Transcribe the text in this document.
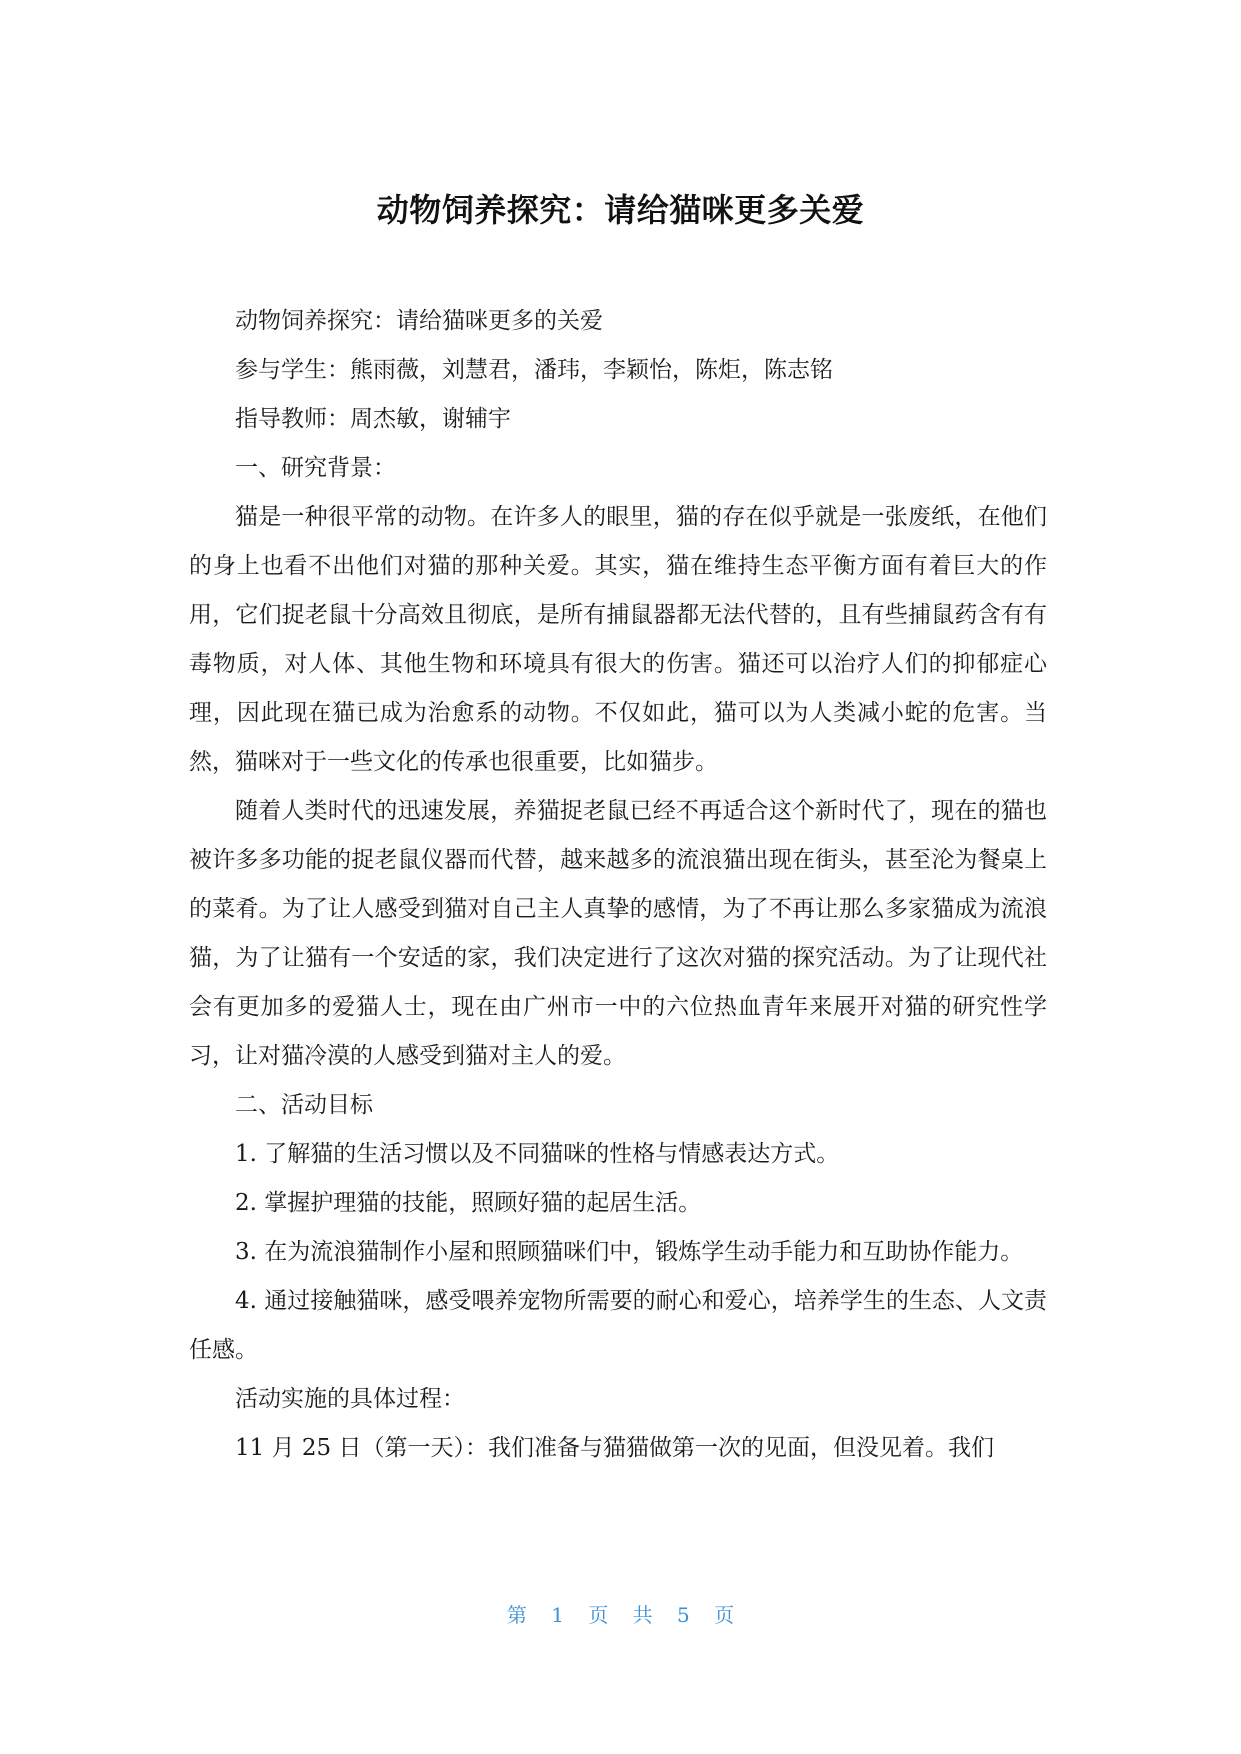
动物饲养探究：请给猫咪更多关爱

动物饲养探究：请给猫咪更多的关爱

参与学生：熊雨薇，刘慧君，潘玮，李颖怡，陈炬，陈志铭

指导教师：周杰敏，谢辅宇

一、研究背景：

猫是一种很平常的动物。在许多人的眼里，猫的存在似乎就是一张废纸，在他们的身上也看不出他们对猫的那种关爱。其实，猫在维持生态平衡方面有着巨大的作用，它们捉老鼠十分高效且彻底，是所有捕鼠器都无法代替的，且有些捕鼠药含有有毒物质，对人体、其他生物和环境具有很大的伤害。猫还可以治疗人们的抑郁症心理，因此现在猫已成为治愈系的动物。不仅如此，猫可以为人类减小蛇的危害。当然，猫咪对于一些文化的传承也很重要，比如猫步。

随着人类时代的迅速发展，养猫捉老鼠已经不再适合这个新时代了，现在的猫也被许多多功能的捉老鼠仪器而代替，越来越多的流浪猫出现在街头，甚至沦为餐桌上的菜肴。为了让人感受到猫对自己主人真挚的感情，为了不再让那么多家猫成为流浪猫，为了让猫有一个安适的家，我们决定进行了这次对猫的探究活动。为了让现代社会有更加多的爱猫人士，现在由广州市一中的六位热血青年来展开对猫的研究性学习，让对猫冷漠的人感受到猫对主人的爱。

二、活动目标

1. 了解猫的生活习惯以及不同猫咪的性格与情感表达方式。

2. 掌握护理猫的技能，照顾好猫的起居生活。

3. 在为流浪猫制作小屋和照顾猫咪们中，锻炼学生动手能力和互助协作能力。

4. 通过接触猫咪，感受喂养宠物所需要的耐心和爱心，培养学生的生态、人文责任感。

活动实施的具体过程：

11 月 25 日（第一天）：我们准备与猫猫做第一次的见面，但没见着。我们

第 1 页 共 5 页
